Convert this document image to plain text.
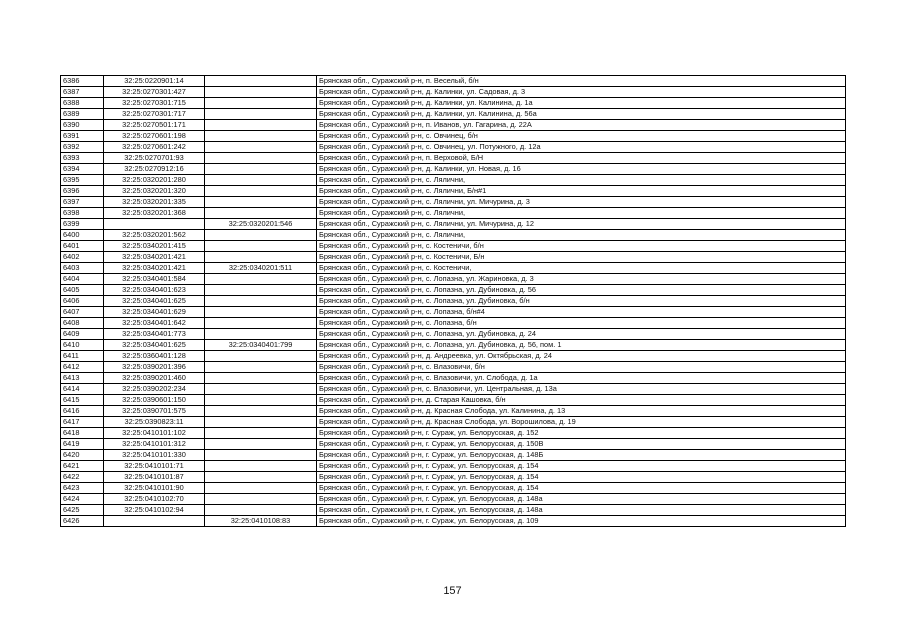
6386	32:25:0220901:14		Брянская обл., Суражский р-н, п. Веселый, б/н
6387	32:25:0270301:427		Брянская обл., Суражский р-н, д. Калинки, ул. Садовая, д. 3
6388	32:25:0270301:715		Брянская обл., Суражский р-н, д. Калинки, ул. Калинина, д. 1а
6389	32:25:0270301:717		Брянская обл., Суражский р-н, д. Калинки, ул. Калинина, д. 56а
6390	32:25:0270501:171		Брянская обл., Суражский р-н, п. Иванов, ул. Гагарина, д. 22А
6391	32:25:0270601:198		Брянская обл., Суражский р-н, с. Овчинец, б/н
6392	32:25:0270601:242		Брянская обл., Суражский р-н, с. Овчинец, ул. Потужного, д. 12а
6393	32:25:0270701:93		Брянская обл., Суражский р-н, п. Верховой, Б/Н
6394	32:25:0270912:16		Брянская обл., Суражский р-н, д. Калинки, ул. Новая, д. 16
6395	32:25:0320201:280		Брянская обл., Суражский р-н, с. Лялични,
6396	32:25:0320201:320		Брянская обл., Суражский р-н, с. Лялични, Б/н#1
6397	32:25:0320201:335		Брянская обл., Суражский р-н, с. Лялични, ул. Мичурина, д. 3
6398	32:25:0320201:368		Брянская обл., Суражский р-н, с. Лялични,
6399		32:25:0320201:546	Брянская обл., Суражский р-н, с. Лялични, ул. Мичурина, д. 12
6400	32:25:0320201:562		Брянская обл., Суражский р-н, с. Лялични,
6401	32:25:0340201:415		Брянская обл., Суражский р-н, с. Костеничи, б/н
6402	32:25:0340201:421		Брянская обл., Суражский р-н, с. Костеничи, Б/н
6403	32:25:0340201:421	32:25:0340201:511	Брянская обл., Суражский р-н, с. Костеничи,
6404	32:25:0340401:584		Брянская обл., Суражский р-н, с. Лопазна, ул. Жариновка, д. 3
6405	32:25:0340401:623		Брянская обл., Суражский р-н, с. Лопазна, ул. Дубиновка, д. 56
6406	32:25:0340401:625		Брянская обл., Суражский р-н, с. Лопазна, ул. Дубиновка, б/н
6407	32:25:0340401:629		Брянская обл., Суражский р-н, с. Лопазна, б/н#4
6408	32:25:0340401:642		Брянская обл., Суражский р-н, с. Лопазна, б/н
6409	32:25:0340401:773		Брянская обл., Суражский р-н, с. Лопазна, ул. Дубиновка, д. 24
6410	32:25:0340401:625	32:25:0340401:799	Брянская обл., Суражский р-н, с. Лопазна, ул. Дубиновка, д. 56, пом. 1
6411	32:25:0360401:128		Брянская обл., Суражский р-н, д. Андреевка, ул. Октябрьская, д. 24
6412	32:25:0390201:396		Брянская обл., Суражский р-н, с. Влазовичи, б/н
6413	32:25:0390201:460		Брянская обл., Суражский р-н, с. Влазовичи, ул. Слобода, д. 1а
6414	32:25:0390202:234		Брянская обл., Суражский р-н, с. Влазовичи, ул. Центральная, д. 13а
6415	32:25:0390601:150		Брянская обл., Суражский р-н, д. Старая Кашовка, б/н
6416	32:25:0390701:575		Брянская обл., Суражский р-н, д. Красная Слобода, ул. Калинина, д. 13
6417	32:25:0390823:11		Брянская обл., Суражский р-н, д. Красная Слобода, ул. Ворошилова, д. 19
6418	32:25:0410101:102		Брянская обл., Суражский р-н, г. Сураж, ул. Белорусская, д. 152
6419	32:25:0410101:312		Брянская обл., Суражский р-н, г. Сураж, ул. Белорусская, д. 150В
6420	32:25:0410101:330		Брянская обл., Суражский р-н, г. Сураж, ул. Белорусская, д. 148Б
6421	32:25:0410101:71		Брянская обл., Суражский р-н, г. Сураж, ул. Белорусская, д. 154
6422	32:25:0410101:87		Брянская обл., Суражский р-н, г. Сураж, ул. Белорусская, д. 154
6423	32:25:0410101:90		Брянская обл., Суражский р-н, г. Сураж, ул. Белорусская, д. 154
6424	32:25:0410102:70		Брянская обл., Суражский р-н, г. Сураж, ул. Белорусская, д. 148а
6425	32:25:0410102:94		Брянская обл., Суражский р-н, г. Сураж, ул. Белорусская, д. 148а
6426		32:25:0410108:83	Брянская обл., Суражский р-н, г. Сураж, ул. Белорусская, д. 109
157
